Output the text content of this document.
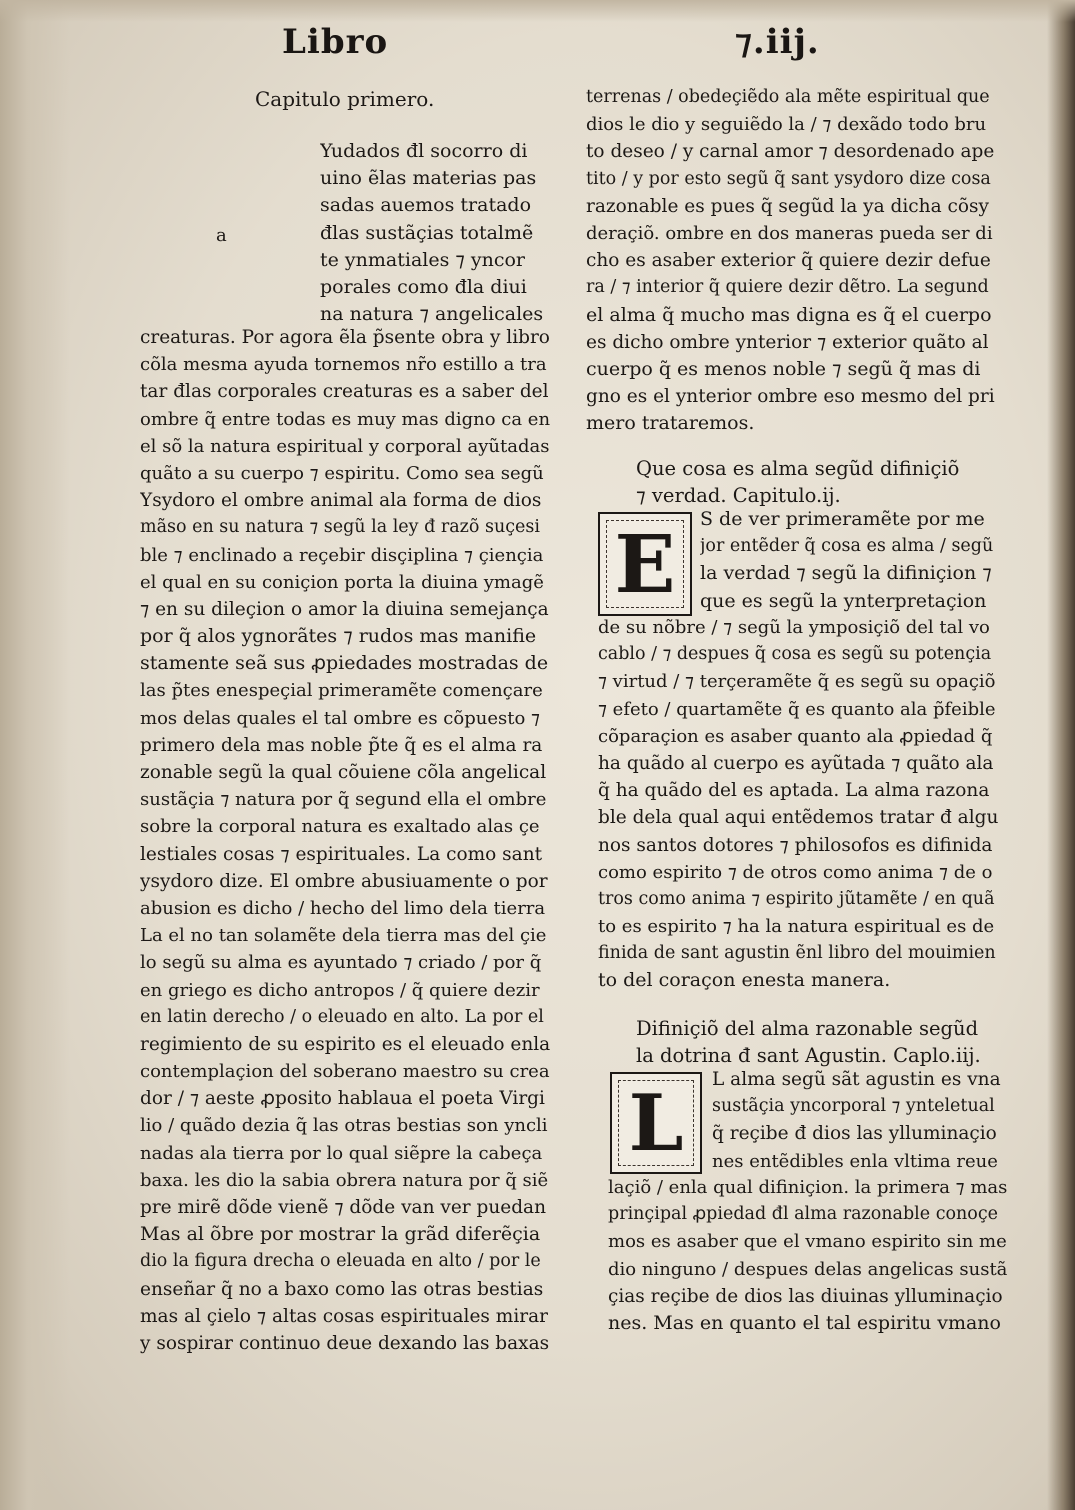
Libro	⁊.iij.
Capitulo primero.
a
Yudados đl socorro di
uino ẽlas materias pas
sadas auemos tratado
đlas sustãçias totalmẽ
te ynmatiales ⁊ yncor
porales como đla diui
na natura ⁊ angelicales
creaturas. Por agora ẽla p̃sente obra y libro
cõla mesma ayuda tornemos nr̃o estillo a tra
tar đlas corporales creaturas es a saber del
ombre q̃ entre todas es muy mas digno ca en
el sõ la natura espiritual y corporal ayũtadas
quãto a su cuerpo ⁊ espiritu. Como sea segũ
Ysydoro el ombre animal ala forma de dios
mãso en su natura ⁊ segũ la ley đ razõ suçesi
ble ⁊ enclinado a reçebir disçiplina ⁊ çiençia
el qual en su coniçion porta la diuina ymagẽ
⁊ en su dileçion o amor la diuina semejança
por q̃ alos ygnorãtes ⁊ rudos mas manifie
stamente seã sus ꝓpiedades mostradas de
las p̃tes enespeçial primeramẽte començare
mos delas quales el tal ombre es cõpuesto ⁊
primero dela mas noble p̃te q̃ es el alma ra
zonable segũ la qual cõuiene cõla angelical
sustãçia ⁊ natura por q̃ segund ella el ombre
sobre la corporal natura es exaltado alas çe
lestiales cosas ⁊ espirituales. La como sant
ysydoro dize. El ombre abusiuamente o por
abusion es dicho / hecho del limo dela tierra
La el no tan solamẽte dela tierra mas del çie
lo segũ su alma es ayuntado ⁊ criado / por q̃
en griego es dicho antropos / q̃ quiere dezir
en latin derecho / o eleuado en alto. La por el
regimiento de su espirito es el eleuado enla
contemplaçion del soberano maestro su crea
dor / ⁊ aeste ꝓposito hablaua el poeta Virgi
lio / quãdo dezia q̃ las otras bestias son yncli
nadas ala tierra por lo qual siẽpre la cabeça
baxa. les dio la sabia obrera natura por q̃ siẽ
pre mirẽ dõde vienẽ ⁊ dõde van ver puedan
Mas al õbre por mostrar la grãd diferẽçia
dio la figura drecha o eleuada en alto / por le
enseñar q̃ no a baxo como las otras bestias
mas al çielo ⁊ altas cosas espirituales mirar
y sospirar continuo deue dexando las baxas
terrenas / obedeçiẽdo ala mẽte espiritual que
dios le dio y seguiẽdo la / ⁊ dexãdo todo bru
to deseo / y carnal amor ⁊ desordenado ape
tito / y por esto segũ q̃ sant ysydoro dize cosa
razonable es pues q̃ segũd la ya dicha cõsy
deraçiõ. ombre en dos maneras pueda ser di
cho es asaber exterior q̃ quiere dezir defue
ra / ⁊ interior q̃ quiere dezir dẽtro. La segund
el alma q̃ mucho mas digna es q̃ el cuerpo
es dicho ombre ynterior ⁊ exterior quãto al
cuerpo q̃ es menos noble ⁊ segũ q̃ mas di
gno es el ynterior ombre eso mesmo del pri
mero trataremos.
Que cosa es alma segũd difiniçiõ
⁊ verdad. Capitulo.ij.
E S de ver primeramẽte por me
jor entẽder q̃ cosa es alma / segũ
la verdad ⁊ segũ la difiniçion ⁊
que es segũ la ynterpretaçion
de su nõbre / ⁊ segũ la ymposiçiõ del tal vo
cablo / ⁊ despues q̃ cosa es segũ su potençia
⁊ virtud / ⁊ terçeramẽte q̃ es segũ su opaçiõ
⁊ efeto / quartamẽte q̃ es quanto ala p̃feible
cõparaçion es asaber quanto ala ꝓpiedad q̃
ha quãdo al cuerpo es ayũtada ⁊ quãto ala
q̃ ha quãdo del es aptada. La alma razona
ble dela qual aqui entẽdemos tratar đ algu
nos santos dotores ⁊ philosofos es difinida
como espirito ⁊ de otros como anima ⁊ de o
tros como anima ⁊ espirito jũtamẽte / en quã
to es espirito ⁊ ha la natura espiritual es de
finida de sant agustin ẽnl libro del mouimien
to del coraçon enesta manera.
Difiniçiõ del alma razonable segũd
la dotrina đ sant Agustin. Caplo.iij.
L L alma segũ sãt agustin es vna
sustãçia yncorporal ⁊ ynteletual
q̃ reçibe đ dios las ylluminaçio
nes entẽdibles enla vltima reue
laçiõ / enla qual difiniçion. la primera ⁊ mas
prinçipal ꝓpiedad đl alma razonable conoçe
mos es asaber que el vmano espirito sin me
dio ninguno / despues delas angelicas sustã
çias reçibe de dios las diuinas ylluminaçio
nes. Mas en quanto el tal espiritu vmano
